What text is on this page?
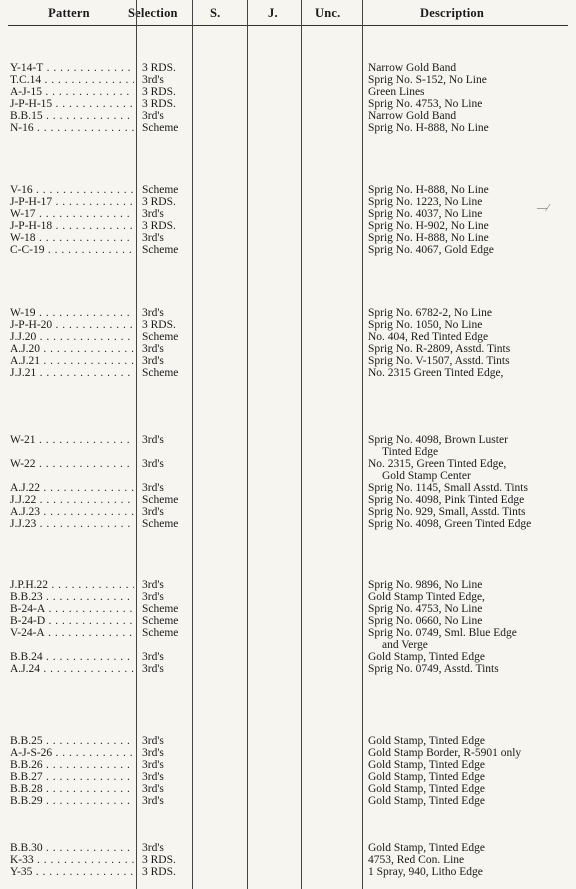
Pattern	Selection	S.	J.	Unc.	Description
Y-14-T . . .	3 RDS.	Narrow Gold Band
T.C.14 . . .	3rd's	Sprig No. S-152, No Line
A-J-15 . . .	3 RDS.	Green Lines
J-P-H-15 . . .	3 RDS.	Sprig No. 4753, No Line
B.B.15 . . .	3rd's	Narrow Gold Band
N-16 . . .	Scheme	Sprig No. H-888, No Line
V-16 . . .	Scheme	Sprig No. H-888, No Line
J-P-H-17 . . .	3 RDS.	Sprig No. 1223, No Line
W-17 . . .	3rd's	Sprig No. 4037, No Line
J-P-H-18 . . .	3 RDS.	Sprig No. H-902, No Line
W-18 . . .	3rd's	Sprig No. H-888, No Line
C-C-19 . . .	Scheme	Sprig No. 4067, Gold Edge
W-19 . . .	3rd's	Sprig No. 6782-2, No Line
J-P-H-20 . . .	3 RDS.	Sprig No. 1050, No Line
J.J.20 . . .	Scheme	No. 404, Red Tinted Edge
A.J.20 . . .	3rd's	Sprig No. R-2809, Asstd. Tints
A.J.21 . . .	3rd's	Sprig No. V-1507, Asstd. Tints
J.J.21 . . .	Scheme	No. 2315 Green Tinted Edge,
W-21 . . .	3rd's	Sprig No. 4098, Brown Luster
Tinted Edge
W-22 . . .	3rd's	No. 2315, Green Tinted Edge,
Gold Stamp Center
A.J.22 . . .	3rd's	Sprig No. 1145, Small Asstd. Tints
J.J.22 . . .	Scheme	Sprig No. 4098, Pink Tinted Edge
A.J.23 . . .	3rd's	Sprig No. 929, Small, Asstd. Tints
J.J.23 . . .	Scheme	Sprig No. 4098, Green Tinted Edge
J.P.H.22 . . .	3rd's	Sprig No. 9896, No Line
B.B.23 . . .	3rd's	Gold Stamp Tinted Edge,
B-24-A . . .	Scheme	Sprig No. 4753, No Line
B-24-D . . .	Scheme	Sprig No. 0660, No Line
V-24-A . . .	Scheme	Sprig No. 0749, Sml. Blue Edge
and Verge
B.B.24 . . .	3rd's	Gold Stamp, Tinted Edge
A.J.24 . . .	3rd's	Sprig No. 0749, Asstd. Tints
B.B.25 . . .	3rd's	Gold Stamp, Tinted Edge
A-J-S-26 . . .	3rd's	Gold Stamp Border, R-5901 only
B.B.26 . . .	3rd's	Gold Stamp, Tinted Edge
B.B.27 . . .	3rd's	Gold Stamp, Tinted Edge
B.B.28 . . .	3rd's	Gold Stamp, Tinted Edge
B.B.29 . . .	3rd's	Gold Stamp, Tinted Edge
B.B.30 . . .	3rd's	Gold Stamp, Tinted Edge
K-33 . . .	3 RDS.	4753, Red Con. Line
Y-35 . . .	3 RDS.	1 Spray, 940, Litho Edge
—⁄
